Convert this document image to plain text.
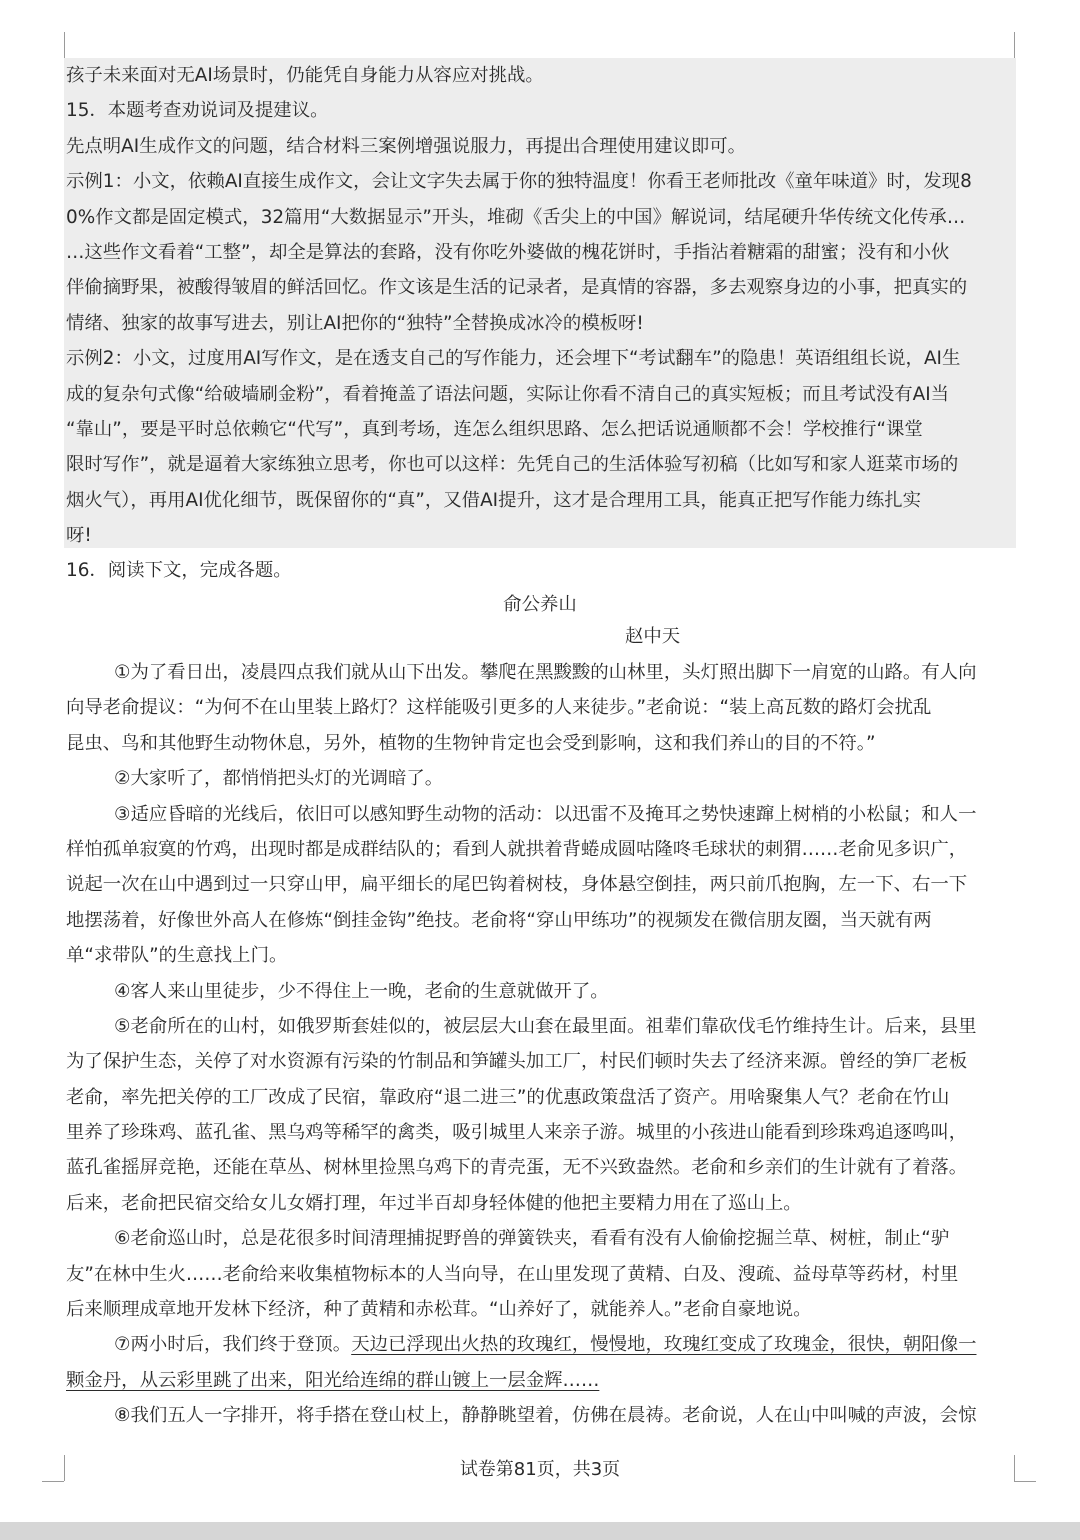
孩子未来面对无AI场景时，仍能凭自身能力从容应对挑战。
15．本题考查劝说词及提建议。
先点明AI生成作文的问题，结合材料三案例增强说服力，再提出合理使用建议即可。
示例1：小文，依赖AI直接生成作文，会让文字失去属于你的独特温度！你看王老师批改《童年味道》时，发现8
0%作文都是固定模式，32篇用“大数据显示”开头，堆砌《舌尖上的中国》解说词，结尾硬升华传统文化传承…
…这些作文看着“工整”，却全是算法的套路，没有你吃外婆做的槐花饼时，手指沾着糖霜的甜蜜；没有和小伙
伴偷摘野果，被酸得皱眉的鲜活回忆。作文该是生活的记录者，是真情的容器，多去观察身边的小事，把真实的
情绪、独家的故事写进去，别让AI把你的“独特”全替换成冰冷的模板呀!
示例2：小文，过度用AI写作文，是在透支自己的写作能力，还会埋下“考试翻车”的隐患！英语组组长说，AI生
成的复杂句式像“给破墙刷金粉”，看着掩盖了语法问题，实际让你看不清自己的真实短板；而且考试没有AI当
“靠山”，要是平时总依赖它“代写”，真到考场，连怎么组织思路、怎么把话说通顺都不会！学校推行“课堂
限时写作”，就是逼着大家练独立思考，你也可以这样：先凭自己的生活体验写初稿（比如写和家人逛菜市场的
烟火气），再用AI优化细节，既保留你的“真”，又借AI提升，这才是合理用工具，能真正把写作能力练扎实
呀!
16．阅读下文，完成各题。
俞公养山
赵中天
①为了看日出，凌晨四点我们就从山下出发。攀爬在黑黢黢的山林里，头灯照出脚下一肩宽的山路。有人向
向导老俞提议：“为何不在山里装上路灯？这样能吸引更多的人来徒步。”老俞说：“装上高瓦数的路灯会扰乱
昆虫、鸟和其他野生动物休息，另外，植物的生物钟肯定也会受到影响，这和我们养山的目的不符。”
②大家听了，都悄悄把头灯的光调暗了。
③适应昏暗的光线后，依旧可以感知野生动物的活动：以迅雷不及掩耳之势快速蹿上树梢的小松鼠；和人一
样怕孤单寂寞的竹鸡，出现时都是成群结队的；看到人就拱着背蜷成圆咕隆咚毛球状的刺猬……老俞见多识广，
说起一次在山中遇到过一只穿山甲，扁平细长的尾巴钩着树枝，身体悬空倒挂，两只前爪抱胸，左一下、右一下
地摆荡着，好像世外高人在修炼“倒挂金钩”绝技。老俞将“穿山甲练功”的视频发在微信朋友圈，当天就有两
单“求带队”的生意找上门。
④客人来山里徒步，少不得住上一晚，老俞的生意就做开了。
⑤老俞所在的山村，如俄罗斯套娃似的，被层层大山套在最里面。祖辈们靠砍伐毛竹维持生计。后来，县里
为了保护生态，关停了对水资源有污染的竹制品和笋罐头加工厂，村民们顿时失去了经济来源。曾经的笋厂老板
老俞，率先把关停的工厂改成了民宿，靠政府“退二进三”的优惠政策盘活了资产。用啥聚集人气？老俞在竹山
里养了珍珠鸡、蓝孔雀、黑乌鸡等稀罕的禽类，吸引城里人来亲子游。城里的小孩进山能看到珍珠鸡追逐鸣叫，
蓝孔雀摇屏竞艳，还能在草丛、树林里捡黑乌鸡下的青壳蛋，无不兴致盎然。老俞和乡亲们的生计就有了着落。
后来，老俞把民宿交给女儿女婿打理，年过半百却身轻体健的他把主要精力用在了巡山上。
⑥老俞巡山时，总是花很多时间清理捕捉野兽的弹簧铁夹，看看有没有人偷偷挖掘兰草、树桩，制止“驴
友”在林中生火……老俞给来收集植物标本的人当向导，在山里发现了黄精、白及、溲疏、益母草等药材，村里
后来顺理成章地开发林下经济，种了黄精和赤松茸。“山养好了，就能养人。”老俞自豪地说。
⑦两小时后，我们终于登顶。天边已浮现出火热的玫瑰红，慢慢地，玫瑰红变成了玫瑰金，很快，朝阳像一
颗金丹，从云彩里跳了出来，阳光给连绵的群山镀上一层金辉……
⑧我们五人一字排开，将手搭在登山杖上，静静眺望着，仿佛在晨祷。老俞说，人在山中叫喊的声波，会惊
试卷第81页，共3页
